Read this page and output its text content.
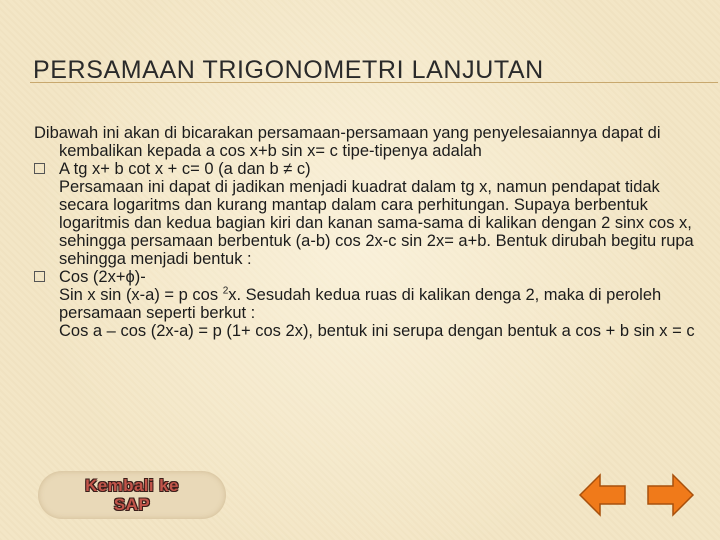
PERSAMAAN TRIGONOMETRI LANJUTAN

Dibawah ini akan di bicarakan persamaan-persamaan yang penyelesaiannya dapat di kembalikan kepada a cos x+b sin x= c tipe-tipenya adalah

A tg x+ b cot x + c= 0 (a dan b ≠ c)

Persamaan ini dapat di jadikan menjadi kuadrat dalam tg x, namun pendapat tidak secara logaritms dan kurang mantap dalam cara perhitungan. Supaya berbentuk logaritmis dan kedua bagian kiri dan kanan sama-sama di kalikan dengan 2 sinx cos x, sehingga persamaan berbentuk (a-b) cos 2x-c sin 2x= a+b. Bentuk dirubah begitu rupa sehingga menjadi bentuk :

Cos (2x+ϕ)-

Sin x sin (x-a) = p cos $^2$x. Sesudah kedua ruas di kalikan denga 2, maka di peroleh persamaan seperti berkut :

Cos a – cos (2x-a) = p (1+ cos 2x), bentuk ini serupa dengan bentuk a cos + b sin x = c

Kembali ke SAP
